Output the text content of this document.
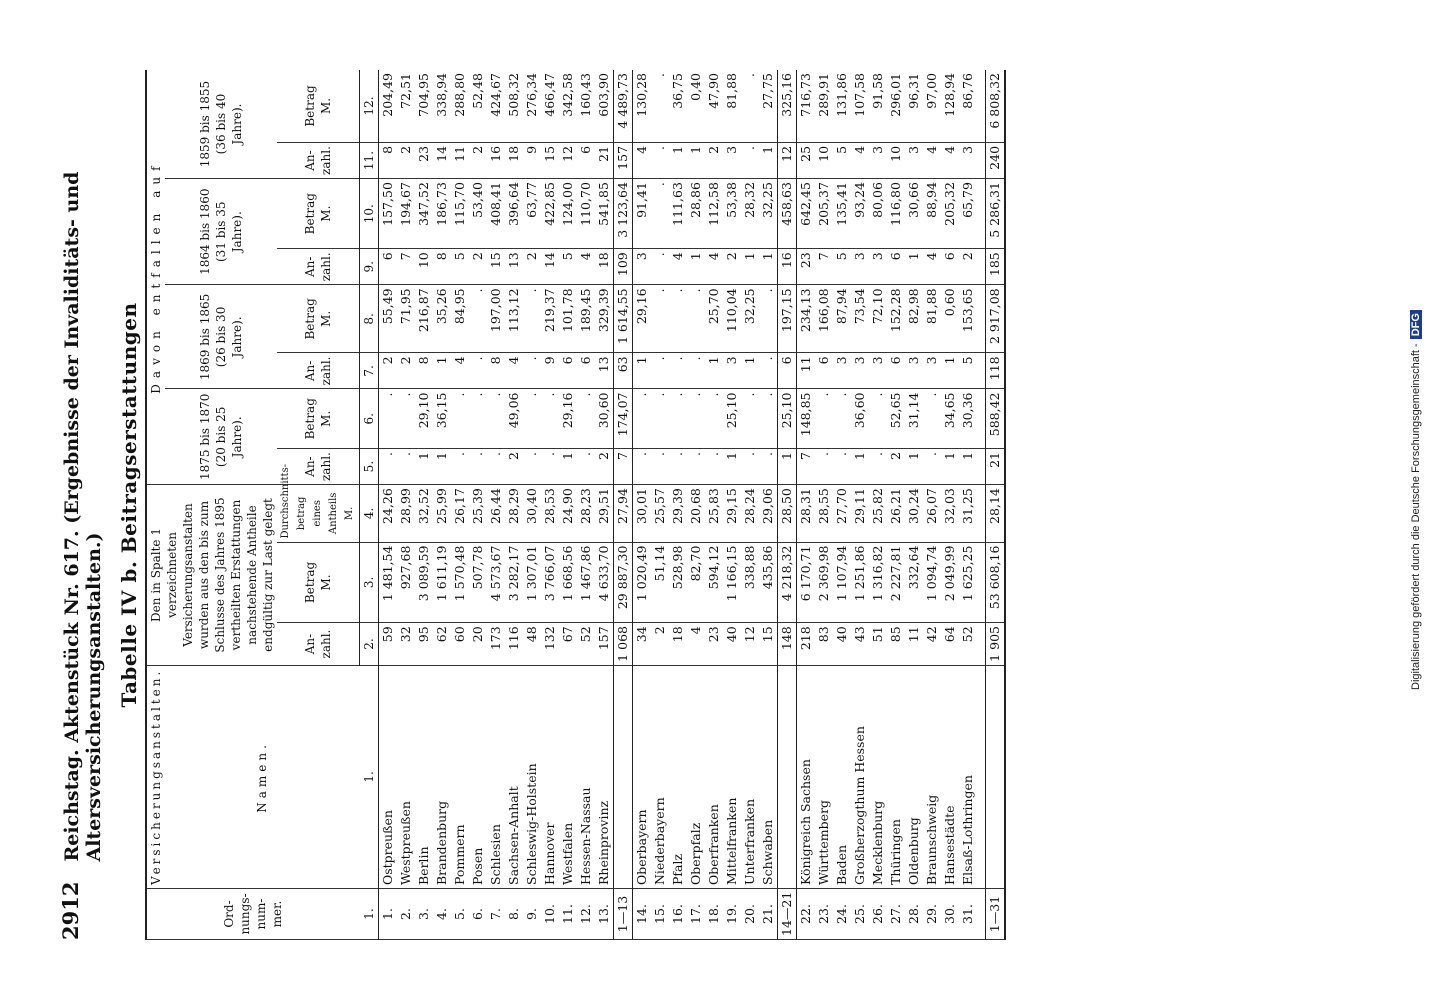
2912
Reichstag. Aktenstück Nr. 617. (Ergebnisse der Invaliditäts- und Altersversicherungsanstalten.) Tabelle IV b. Beitragserstattungen
Ord-nungs-num-mer.	Versicherungsanstalten.	Den in Spalte 1 verzeichneten Versicherungsanstalten wurden aus den bis zum Schlusse des Jahres 1895 vertheilten Erstattungen nachstehende Antheile endgültig zur Last gelegt			Davon entfallen auf							
	Namen.				1875 bis 1870 (20 bis 25 Jahre).		1869 bis 1865 (26 bis 30 Jahre).		1864 bis 1860 (31 bis 35 Jahre).		1859 bis 1855 (36 bis 40 Jahre).	
		An-zahl.	Betrag M.	Durchschnitts-betrag eines Antheils M.	An-zahl.	Betrag M.	An-zahl.	Betrag M.	An-zahl.	Betrag M.	An-zahl.	Betrag M.
1.	1.	2.	3.	4.	5.	6.	7.	8.	9.	10.	11.	12.
1.	Ostpreußen	59	1 481,54	24,26	.	.	2	55,49	6	157,50	8	204,49
2.	Westpreußen	32	927,68	28,99	.	.	2	71,95	7	194,67	2	72,51
3.	Berlin	95	3 089,59	32,52	1	29,10	8	216,87	10	347,52	23	704,95
4.	Brandenburg	62	1 611,19	25,99	1	36,15	1	35,26	8	186,73	14	338,94
5.	Pommern	60	1 570,48	26,17	.	.	4	84,95	5	115,70	11	288,80
6.	Posen	20	507,78	25,39	.	.	.	.	2	53,40	2	52,48
7.	Schlesien	173	4 573,67	26,44	.	.	8	197,00	15	408,41	16	424,67
8.	Sachsen-Anhalt	116	3 282,17	28,29	2	49,06	4	113,12	13	396,64	18	508,32
9.	Schleswig-Holstein	48	1 307,01	30,40	.	.	.	.	2	63,77	9	276,34
10.	Hannover	132	3 766,07	28,53	.	.	9	219,37	14	422,85	15	466,47
11.	Westfalen	67	1 668,56	24,90	1	29,16	6	101,78	5	124,00	12	342,58
12.	Hessen-Nassau	52	1 467,86	28,23	.	.	6	189,45	4	110,70	6	160,43
13.	Rheinprovinz	157	4 633,70	29,51	2	30,60	13	329,39	18	541,85	21	603,90
1—13		1 068	29 887,30	27,94	7	174,07	63	1 614,55	109	3 123,64	157	4 489,73
14.	Oberbayern	34	1 020,49	30,01	.	.	1	29,16	3	91,41	4	130,28
15.	Niederbayern	2	51,14	25,57	.	.	.	.	.	.	.	.
16.	Pfalz	18	528,98	29,39	.	.	.	.	4	111,63	1	36,75
17.	Oberpfalz	4	82,70	20,68	.	.	.	.	1	28,86	1	0,40
18.	Oberfranken	23	594,12	25,83	.	.	1	25,70	4	112,58	2	47,90
19.	Mittelfranken	40	1 166,15	29,15	1	25,10	3	110,04	2	53,38	3	81,88
20.	Unterfranken	12	338,88	28,24	.	.	1	32,25	1	28,32	.	.
21.	Schwaben	15	435,86	29,06	.	.	.	.	1	32,25	1	27,75
14—21		148	4 218,32	28,50	1	25,10	6	197,15	16	458,63	12	325,16
22.	Königreich Sachsen	218	6 170,71	28,31	7	148,85	11	234,13	23	642,45	25	716,73
23.	Württemberg	83	2 369,98	28,55	.	.	6	166,08	7	205,37	10	289,91
24.	Baden	40	1 107,94	27,70	.	.	3	87,94	5	135,41	5	131,86
25.	Großherzogthum Hessen	43	1 251,86	29,11	1	36,60	3	73,54	3	93,24	4	107,58
26.	Mecklenburg	51	1 316,82	25,82	.	.	3	72,10	3	80,06	3	91,58
27.	Thüringen	85	2 227,81	26,21	2	52,65	6	152,28	6	116,80	10	296,01
28.	Oldenburg	11	332,64	30,24	1	31,14	3	82,98	1	30,66	3	96,31
29.	Braunschweig	42	1 094,74	26,07	.	.	3	81,88	4	88,94	4	97,00
30.	Hansestädte	64	2 049,99	32,03	1	34,65	1	0,60	6	205,32	4	128,94
31.	Elsaß-Lothringen	52	1 625,25	31,25	1	30,36	5	153,65	2	65,79	3	86,76

1—31		1 905	53 608,16	28,14	21	588,42	118	2 917,08	185	5 286,31	240	6 808,32
Digitalisierung gefördert durch die Deutsche Forschungsgemeinschaft -DFG
